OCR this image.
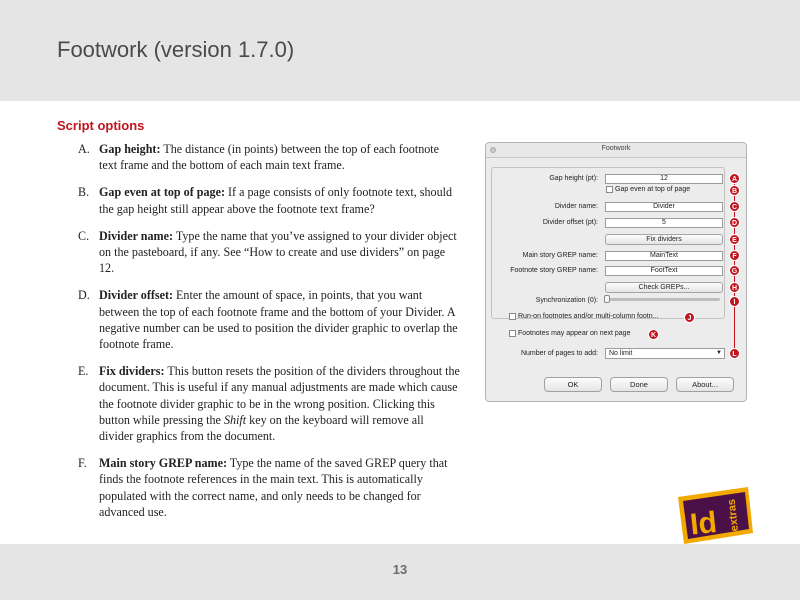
Footwork (version 1.7.0)
Script options
A. Gap height: The distance (in points) between the top of each footnote text frame and the bottom of each main text frame.
B. Gap even at top of page: If a page consists of only footnote text, should the gap height still appear above the footnote text frame?
C. Divider name: Type the name that you’ve assigned to your divider object on the pasteboard, if any. See “How to create and use dividers” on page 12.
D. Divider offset: Enter the amount of space, in points, that you want between the top of each footnote frame and the bottom of your Divider. A negative number can be used to position the divider graphic to overlap the footnote frame.
E. Fix dividers: This button resets the position of the dividers throughout the document. This is useful if any manual adjustments are made which cause the footnote divider graphic to be in the wrong position. Clicking this button while pressing the Shift key on the keyboard will remove all divider graphics from the document.
F. Main story GREP name: Type the name of the saved GREP query that finds the footnote references in the main text. This is automatically populated with the correct name, and only needs to be changed for advanced use.
Footwork
Gap height (pt):	12
Gap even at top of page
Divider name:	Divider
Divider offset (pt):	5
Fix dividers
Main story GREP name:	MainText
Footnote story GREP name:	FootText
Check GREPs...
Synchronization (0):
Run-on footnotes and/or multi-column footn...
Footnotes may appear on next page
Number of pages to add:	No limit	▼
OK	Done	About...
A
B
C
D
E
F
G
H
I
J
K
L
Id extras
13
